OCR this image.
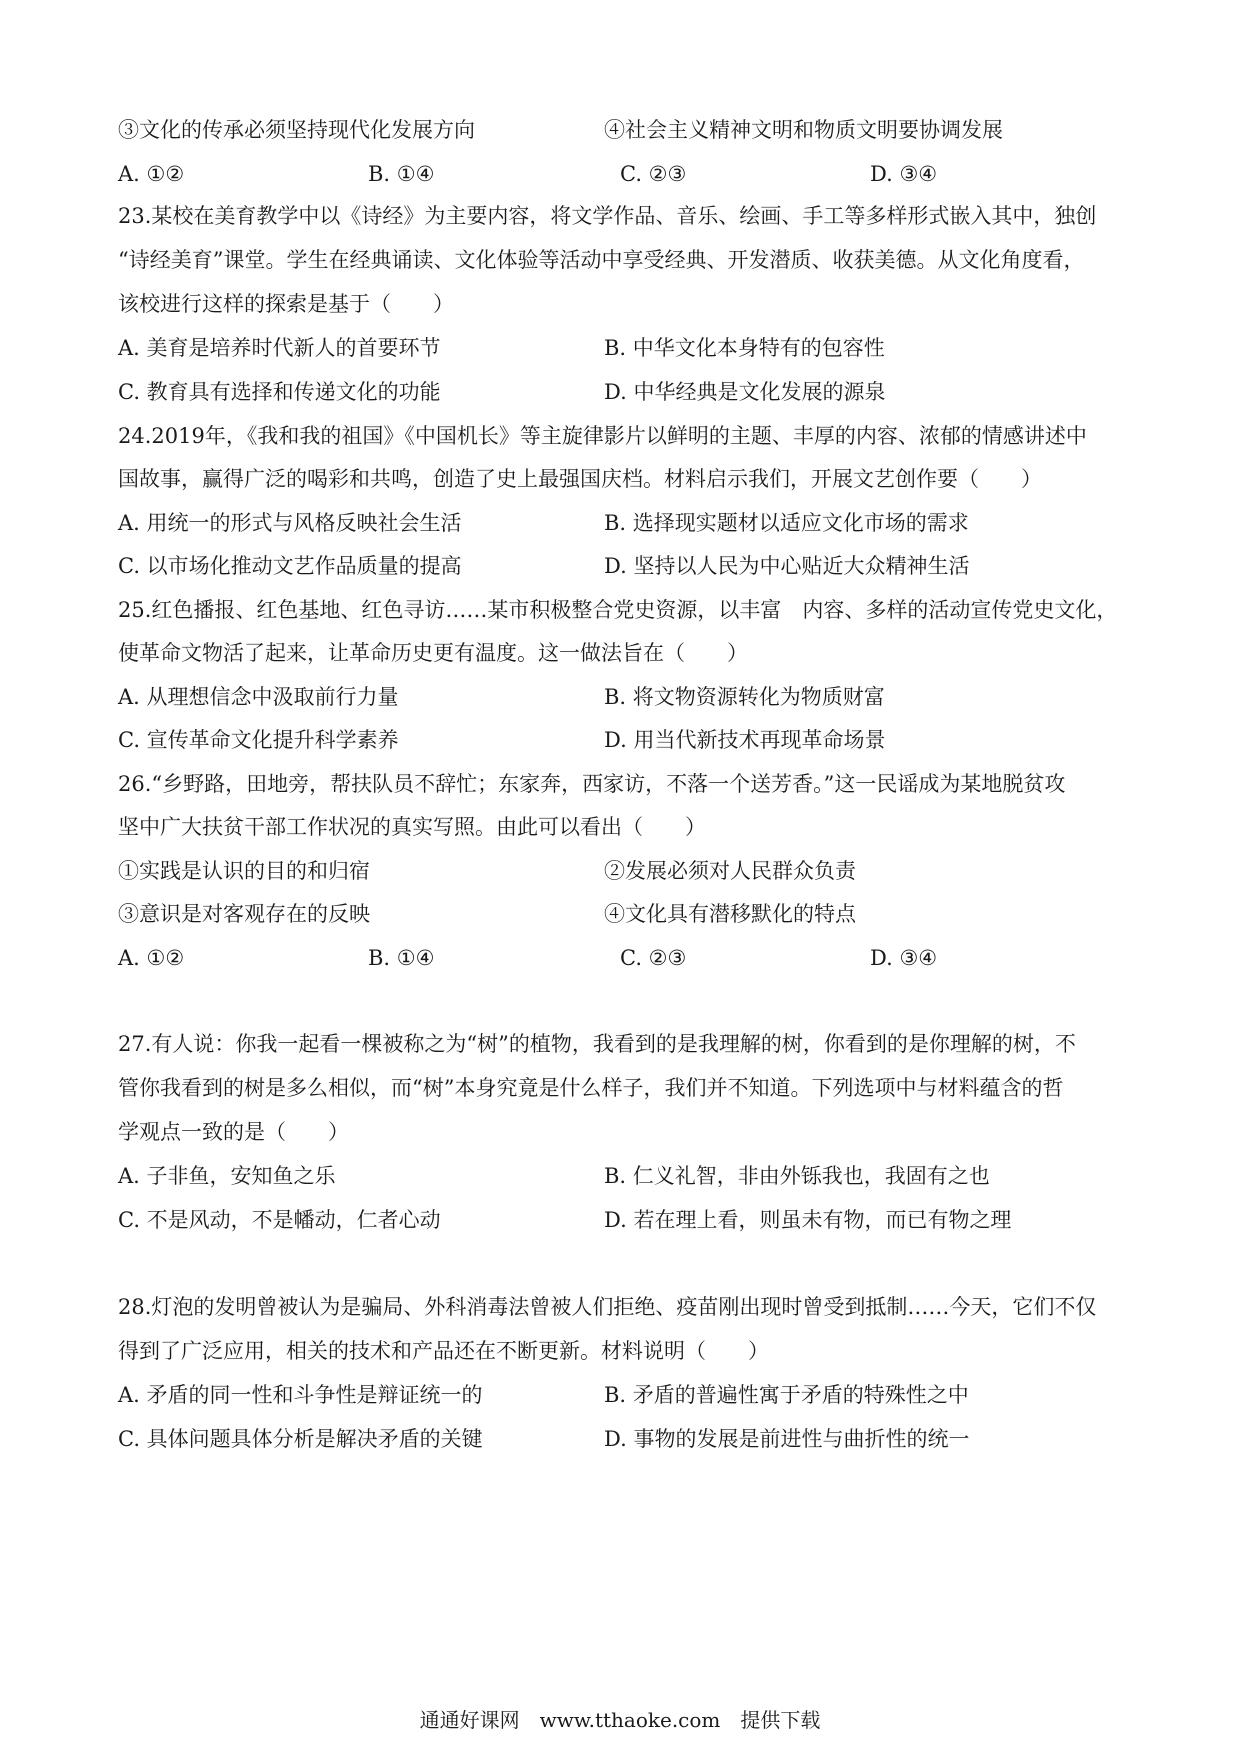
③文化的传承必须坚持现代化发展方向	④社会主义精神文明和物质文明要协调发展
A. ①②	B. ①④	C. ②③	D. ③④
23.某校在美育教学中以《诗经》为主要内容，将文学作品、音乐、绘画、手工等多样形式嵌入其中，独创
“诗经美育”课堂。学生在经典诵读、文化体验等活动中享受经典、开发潜质、收获美德。从文化角度看，
该校进行这样的探索是基于（　　）
A. 美育是培养时代新人的首要环节	B. 中华文化本身特有的包容性
C. 教育具有选择和传递文化的功能	D. 中华经典是文化发展的源泉
24.2019年，《我和我的祖国》《中国机长》等主旋律影片以鲜明的主题、丰厚的内容、浓郁的情感讲述中
国故事，赢得广泛的喝彩和共鸣，创造了史上最强国庆档。材料启示我们，开展文艺创作要（　　）
A. 用统一的形式与风格反映社会生活	B. 选择现实题材以适应文化市场的需求
C. 以市场化推动文艺作品质量的提高	D. 坚持以人民为中心贴近大众精神生活
25.红色播报、红色基地、红色寻访……某市积极整合党史资源，以丰富　内容、多样的活动宣传党史文化，
使革命文物活了起来，让革命历史更有温度。这一做法旨在（　　）
A. 从理想信念中汲取前行力量	B. 将文物资源转化为物质财富
C. 宣传革命文化提升科学素养	D. 用当代新技术再现革命场景
26.“乡野路，田地旁，帮扶队员不辞忙；东家奔，西家访，不落一个送芳香。”这一民谣成为某地脱贫攻
坚中广大扶贫干部工作状况的真实写照。由此可以看出（　　）
①实践是认识的目的和归宿	②发展必须对人民群众负责
③意识是对客观存在的反映	④文化具有潜移默化的特点
A. ①②	B. ①④	C. ②③	D. ③④
27.有人说：你我一起看一棵被称之为“树”的植物，我看到的是我理解的树，你看到的是你理解的树，不
管你我看到的树是多么相似，而“树”本身究竟是什么样子，我们并不知道。下列选项中与材料蕴含的哲
学观点一致的是（　　）
A. 子非鱼，安知鱼之乐	B. 仁义礼智，非由外铄我也，我固有之也
C. 不是风动，不是幡动，仁者心动	D. 若在理上看，则虽未有物，而已有物之理
28.灯泡的发明曾被认为是骗局、外科消毒法曾被人们拒绝、疫苗刚出现时曾受到抵制……今天，它们不仅
得到了广泛应用，相关的技术和产品还在不断更新。材料说明（　　）
A. 矛盾的同一性和斗争性是辩证统一的	B. 矛盾的普遍性寓于矛盾的特殊性之中
C. 具体问题具体分析是解决矛盾的关键	D. 事物的发展是前进性与曲折性的统一
通通好课网　www.tthaoke.com　提供下载
